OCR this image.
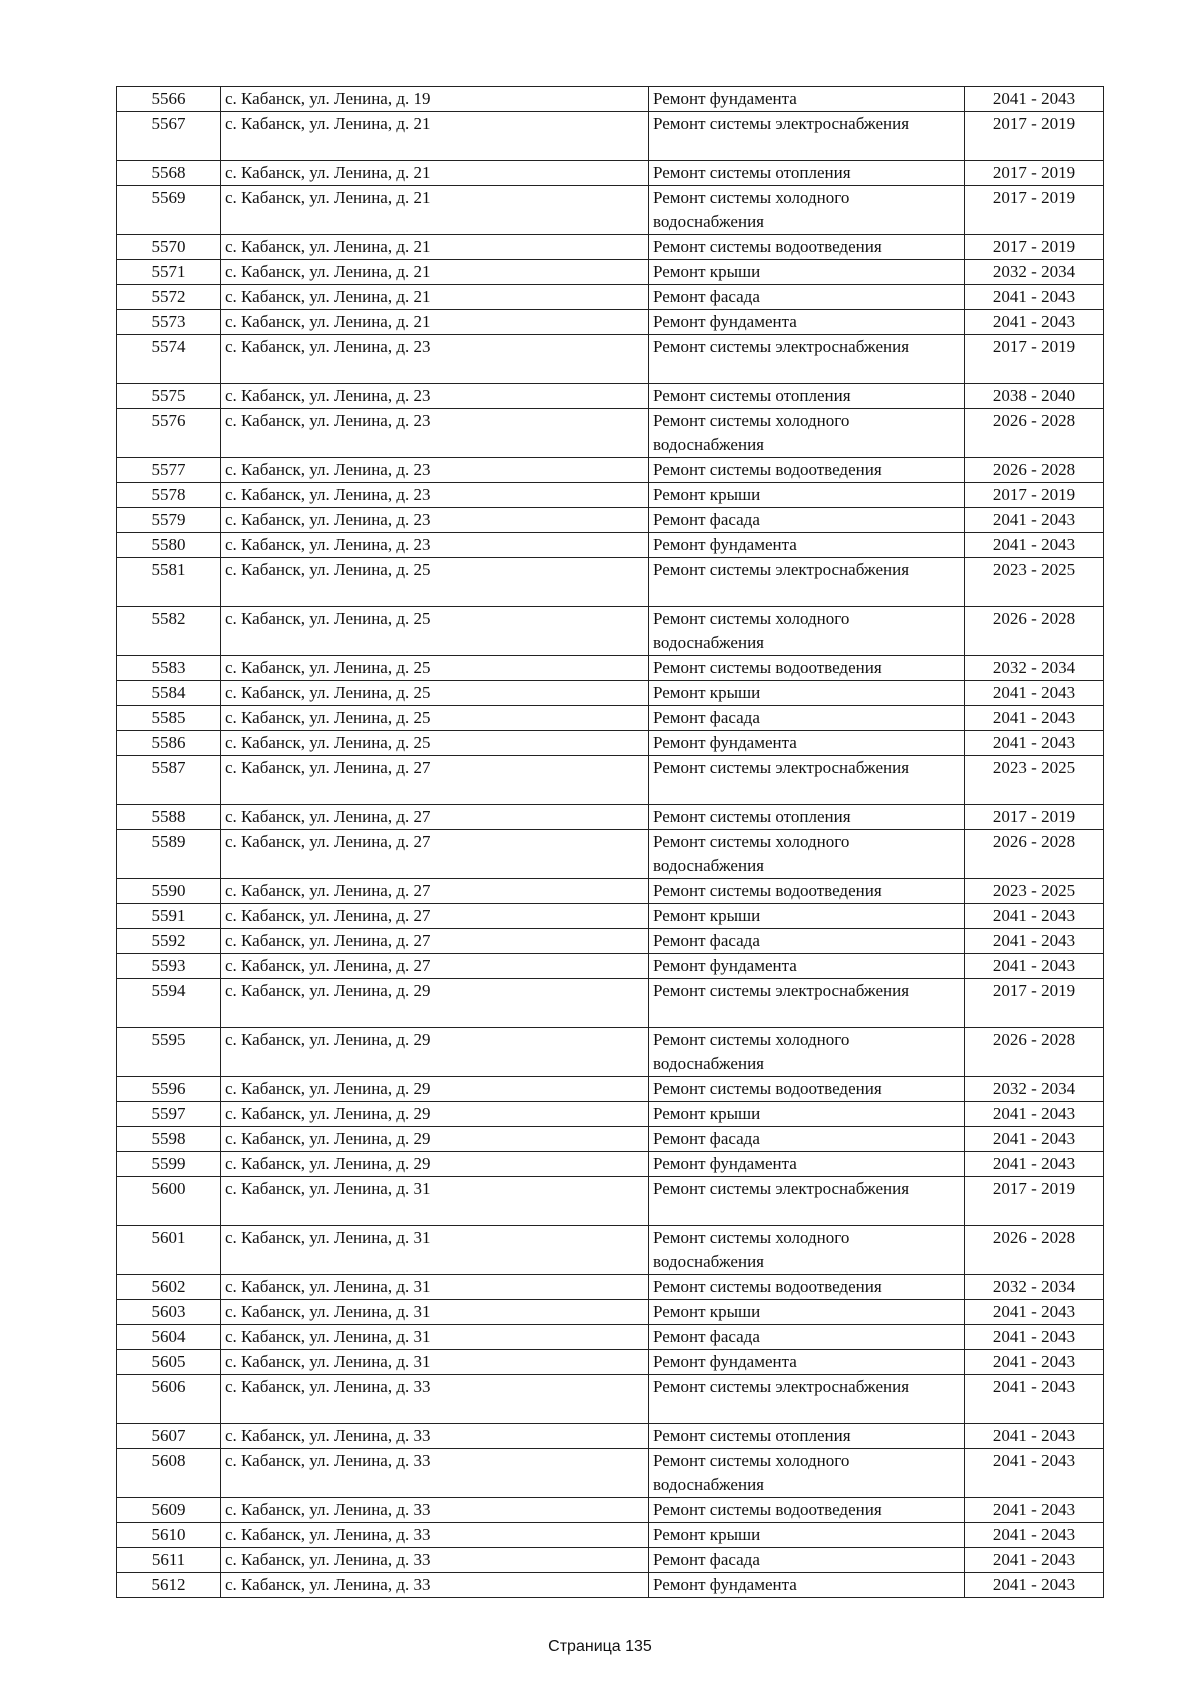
5566	с. Кабанск, ул. Ленина, д. 19	Ремонт фундамента	2041 - 2043
5567	с. Кабанск, ул. Ленина, д. 21	Ремонт системы электроснабжения	2017 - 2019
5568	с. Кабанск, ул. Ленина, д. 21	Ремонт системы отопления	2017 - 2019
5569	с. Кабанск, ул. Ленина, д. 21	Ремонт системы холодного водоснабжения	2017 - 2019
5570	с. Кабанск, ул. Ленина, д. 21	Ремонт системы водоотведения	2017 - 2019
5571	с. Кабанск, ул. Ленина, д. 21	Ремонт крыши	2032 - 2034
5572	с. Кабанск, ул. Ленина, д. 21	Ремонт фасада	2041 - 2043
5573	с. Кабанск, ул. Ленина, д. 21	Ремонт фундамента	2041 - 2043
5574	с. Кабанск, ул. Ленина, д. 23	Ремонт системы электроснабжения	2017 - 2019
5575	с. Кабанск, ул. Ленина, д. 23	Ремонт системы отопления	2038 - 2040
5576	с. Кабанск, ул. Ленина, д. 23	Ремонт системы холодного водоснабжения	2026 - 2028
5577	с. Кабанск, ул. Ленина, д. 23	Ремонт системы водоотведения	2026 - 2028
5578	с. Кабанск, ул. Ленина, д. 23	Ремонт крыши	2017 - 2019
5579	с. Кабанск, ул. Ленина, д. 23	Ремонт фасада	2041 - 2043
5580	с. Кабанск, ул. Ленина, д. 23	Ремонт фундамента	2041 - 2043
5581	с. Кабанск, ул. Ленина, д. 25	Ремонт системы электроснабжения	2023 - 2025
5582	с. Кабанск, ул. Ленина, д. 25	Ремонт системы холодного водоснабжения	2026 - 2028
5583	с. Кабанск, ул. Ленина, д. 25	Ремонт системы водоотведения	2032 - 2034
5584	с. Кабанск, ул. Ленина, д. 25	Ремонт крыши	2041 - 2043
5585	с. Кабанск, ул. Ленина, д. 25	Ремонт фасада	2041 - 2043
5586	с. Кабанск, ул. Ленина, д. 25	Ремонт фундамента	2041 - 2043
5587	с. Кабанск, ул. Ленина, д. 27	Ремонт системы электроснабжения	2023 - 2025
5588	с. Кабанск, ул. Ленина, д. 27	Ремонт системы отопления	2017 - 2019
5589	с. Кабанск, ул. Ленина, д. 27	Ремонт системы холодного водоснабжения	2026 - 2028
5590	с. Кабанск, ул. Ленина, д. 27	Ремонт системы водоотведения	2023 - 2025
5591	с. Кабанск, ул. Ленина, д. 27	Ремонт крыши	2041 - 2043
5592	с. Кабанск, ул. Ленина, д. 27	Ремонт фасада	2041 - 2043
5593	с. Кабанск, ул. Ленина, д. 27	Ремонт фундамента	2041 - 2043
5594	с. Кабанск, ул. Ленина, д. 29	Ремонт системы электроснабжения	2017 - 2019
5595	с. Кабанск, ул. Ленина, д. 29	Ремонт системы холодного водоснабжения	2026 - 2028
5596	с. Кабанск, ул. Ленина, д. 29	Ремонт системы водоотведения	2032 - 2034
5597	с. Кабанск, ул. Ленина, д. 29	Ремонт крыши	2041 - 2043
5598	с. Кабанск, ул. Ленина, д. 29	Ремонт фасада	2041 - 2043
5599	с. Кабанск, ул. Ленина, д. 29	Ремонт фундамента	2041 - 2043
5600	с. Кабанск, ул. Ленина, д. 31	Ремонт системы электроснабжения	2017 - 2019
5601	с. Кабанск, ул. Ленина, д. 31	Ремонт системы холодного водоснабжения	2026 - 2028
5602	с. Кабанск, ул. Ленина, д. 31	Ремонт системы водоотведения	2032 - 2034
5603	с. Кабанск, ул. Ленина, д. 31	Ремонт крыши	2041 - 2043
5604	с. Кабанск, ул. Ленина, д. 31	Ремонт фасада	2041 - 2043
5605	с. Кабанск, ул. Ленина, д. 31	Ремонт фундамента	2041 - 2043
5606	с. Кабанск, ул. Ленина, д. 33	Ремонт системы электроснабжения	2041 - 2043
5607	с. Кабанск, ул. Ленина, д. 33	Ремонт системы отопления	2041 - 2043
5608	с. Кабанск, ул. Ленина, д. 33	Ремонт системы холодного водоснабжения	2041 - 2043
5609	с. Кабанск, ул. Ленина, д. 33	Ремонт системы водоотведения	2041 - 2043
5610	с. Кабанск, ул. Ленина, д. 33	Ремонт крыши	2041 - 2043
5611	с. Кабанск, ул. Ленина, д. 33	Ремонт фасада	2041 - 2043
5612	с. Кабанск, ул. Ленина, д. 33	Ремонт фундамента	2041 - 2043
Страница 135
